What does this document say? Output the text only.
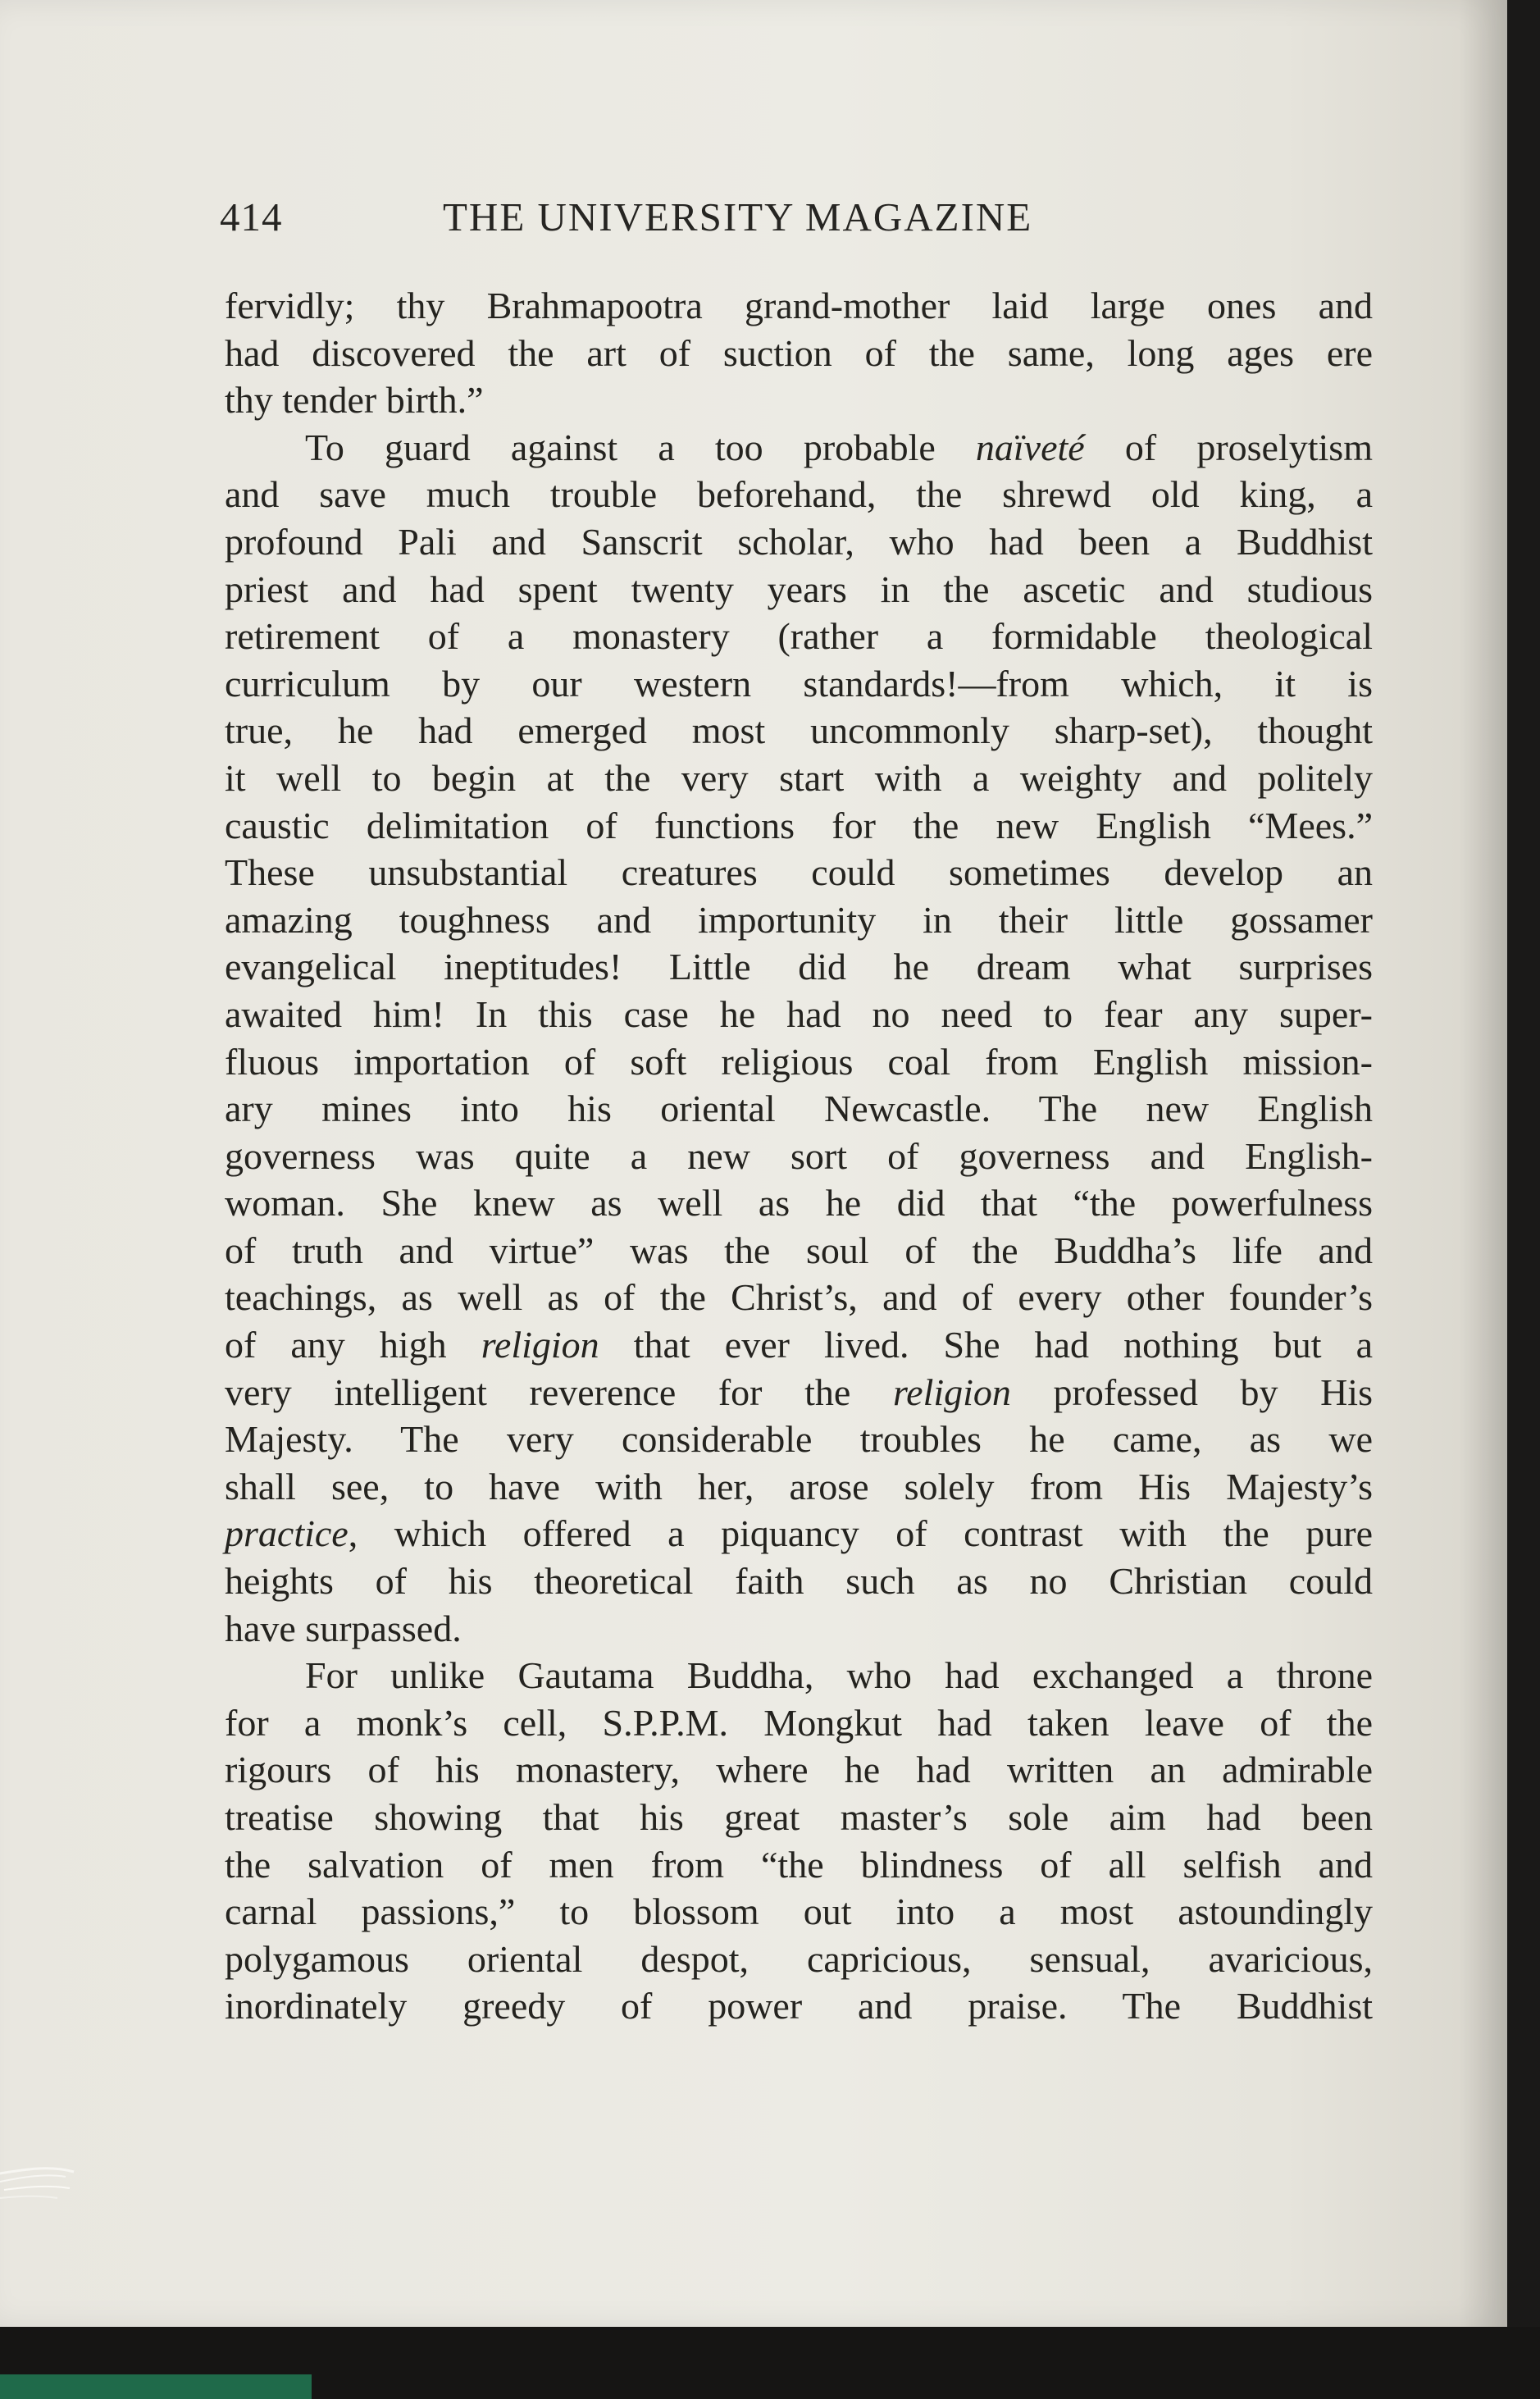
414	THE UNIVERSITY MAGAZINE
fervidly; thy Brahmapootra grand-mother laid large ones and
had discovered the art of suction of the same, long ages ere
thy tender birth.”
To guard against a too probable naïveté of proselytism
and save much trouble beforehand, the shrewd old king, a
profound Pali and Sanscrit scholar, who had been a Buddhist
priest and had spent twenty years in the ascetic and studious
retirement of a monastery (rather a formidable theological
curriculum by our western standards!—from which, it is
true, he had emerged most uncommonly sharp-set), thought
it well to begin at the very start with a weighty and politely
caustic delimitation of functions for the new English “Mees.”
These unsubstantial creatures could sometimes develop an
amazing toughness and importunity in their little gossamer
evangelical ineptitudes! Little did he dream what surprises
awaited him! In this case he had no need to fear any super-
fluous importation of soft religious coal from English mission-
ary mines into his oriental Newcastle. The new English
governess was quite a new sort of governess and English-
woman. She knew as well as he did that “the powerfulness
of truth and virtue” was the soul of the Buddha’s life and
teachings, as well as of the Christ’s, and of every other founder’s
of any high religion that ever lived. She had nothing but a
very intelligent reverence for the religion professed by His
Majesty. The very considerable troubles he came, as we
shall see, to have with her, arose solely from His Majesty’s
practice, which offered a piquancy of contrast with the pure
heights of his theoretical faith such as no Christian could
have surpassed.
For unlike Gautama Buddha, who had exchanged a throne
for a monk’s cell, S.P.P.M. Mongkut had taken leave of the
rigours of his monastery, where he had written an admirable
treatise showing that his great master’s sole aim had been
the salvation of men from “the blindness of all selfish and
carnal passions,” to blossom out into a most astoundingly
polygamous oriental despot, capricious, sensual, avaricious,
inordinately greedy of power and praise. The Buddhist
